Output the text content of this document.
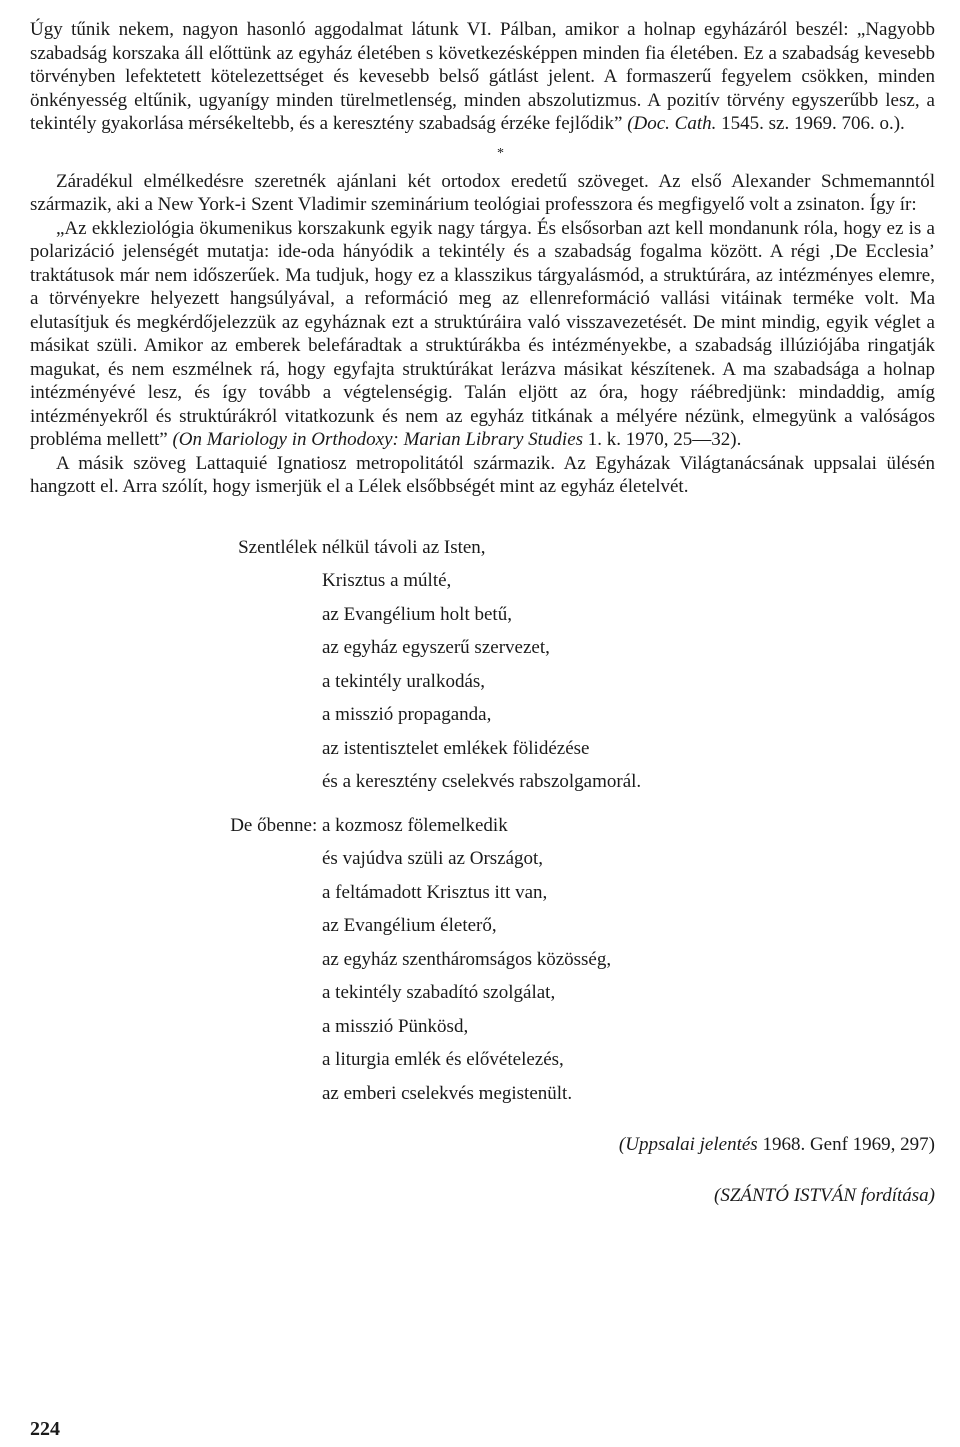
Úgy tűnik nekem, nagyon hasonló aggodalmat látunk VI. Pálban, amikor a holnap egyházáról beszél: „Nagyobb szabadság korszaka áll előttünk az egyház életében s következésképpen minden fia életében. Ez a szabadság kevesebb törvényben lefektetett kötelezettséget és kevesebb belső gátlást jelent. A formaszerű fegyelem csökken, minden önkényesség eltűnik, ugyanígy minden türelmetlenség, minden abszolutizmus. A pozitív törvény egyszerűbb lesz, a tekintély gyakorlása mérsékeltebb, és a keresztény szabadság érzéke fejlődik” (Doc. Cath. 1545. sz. 1969. 706. o.).

*

Záradékul elmélkedésre szeretnék ajánlani két ortodox eredetű szöveget. Az első Alexander Schmemanntól származik, aki a New York-i Szent Vladimir szeminárium teológiai professzora és megfigyelő volt a zsinaton. Így ír:

„Az ekkleziológia ökumenikus korszakunk egyik nagy tárgya. És elsősorban azt kell mondanunk róla, hogy ez is a polarizáció jelenségét mutatja: ide-oda hányódik a tekintély és a szabadság fogalma között. A régi ‚De Ecclesia’ traktátusok már nem időszerűek. Ma tudjuk, hogy ez a klasszikus tárgyalásmód, a struktúrára, az intézményes elemre, a törvényekre helyezett hangsúlyával, a reformáció meg az ellenreformáció vallási vitáinak terméke volt. Ma elutasítjuk és megkérdőjelezzük az egyháznak ezt a struktúráira való visszavezetését. De mint mindig, egyik véglet a másikat szüli. Amikor az emberek belefáradtak a struktúrákba és intézményekbe, a szabadság illúziójába ringatják magukat, és nem eszmélnek rá, hogy egyfajta struktúrákat lerázva másikat készítenek. A ma szabadsága a holnap intézményévé lesz, és így tovább a végtelenségig. Talán eljött az óra, hogy ráébredjünk: mindaddig, amíg intézményekről és struktúrákról vitatkozunk és nem az egyház titkának a mélyére nézünk, elmegyünk a valóságos probléma mellett” (On Mariology in Orthodoxy: Marian Library Studies 1. k. 1970, 25—32).

A másik szöveg Lattaquié Ignatiosz metropolitától származik. Az Egyházak Világtanácsának uppsalai ülésén hangzott el. Arra szólít, hogy ismerjük el a Lélek elsőbbségét mint az egyház életelvét.

Szentlélek nélkül távoli az Isten,
Krisztus a múlté,
az Evangélium holt betű,
az egyház egyszerű szervezet,
a tekintély uralkodás,
a misszió propaganda,
az istentisztelet emlékek fölidézése
és a keresztény cselekvés rabszolgamorál.
De őbenne: a kozmosz fölemelkedik
és vajúdva szüli az Országot,
a feltámadott Krisztus itt van,
az Evangélium életerő,
az egyház szentháromságos közösség,
a tekintély szabadító szolgálat,
a misszió Pünkösd,
a liturgia emlék és elővételezés,
az emberi cselekvés megistenült.
(Uppsalai jelentés 1968. Genf 1969, 297)
(SZÁNTÓ ISTVÁN fordítása)
224
